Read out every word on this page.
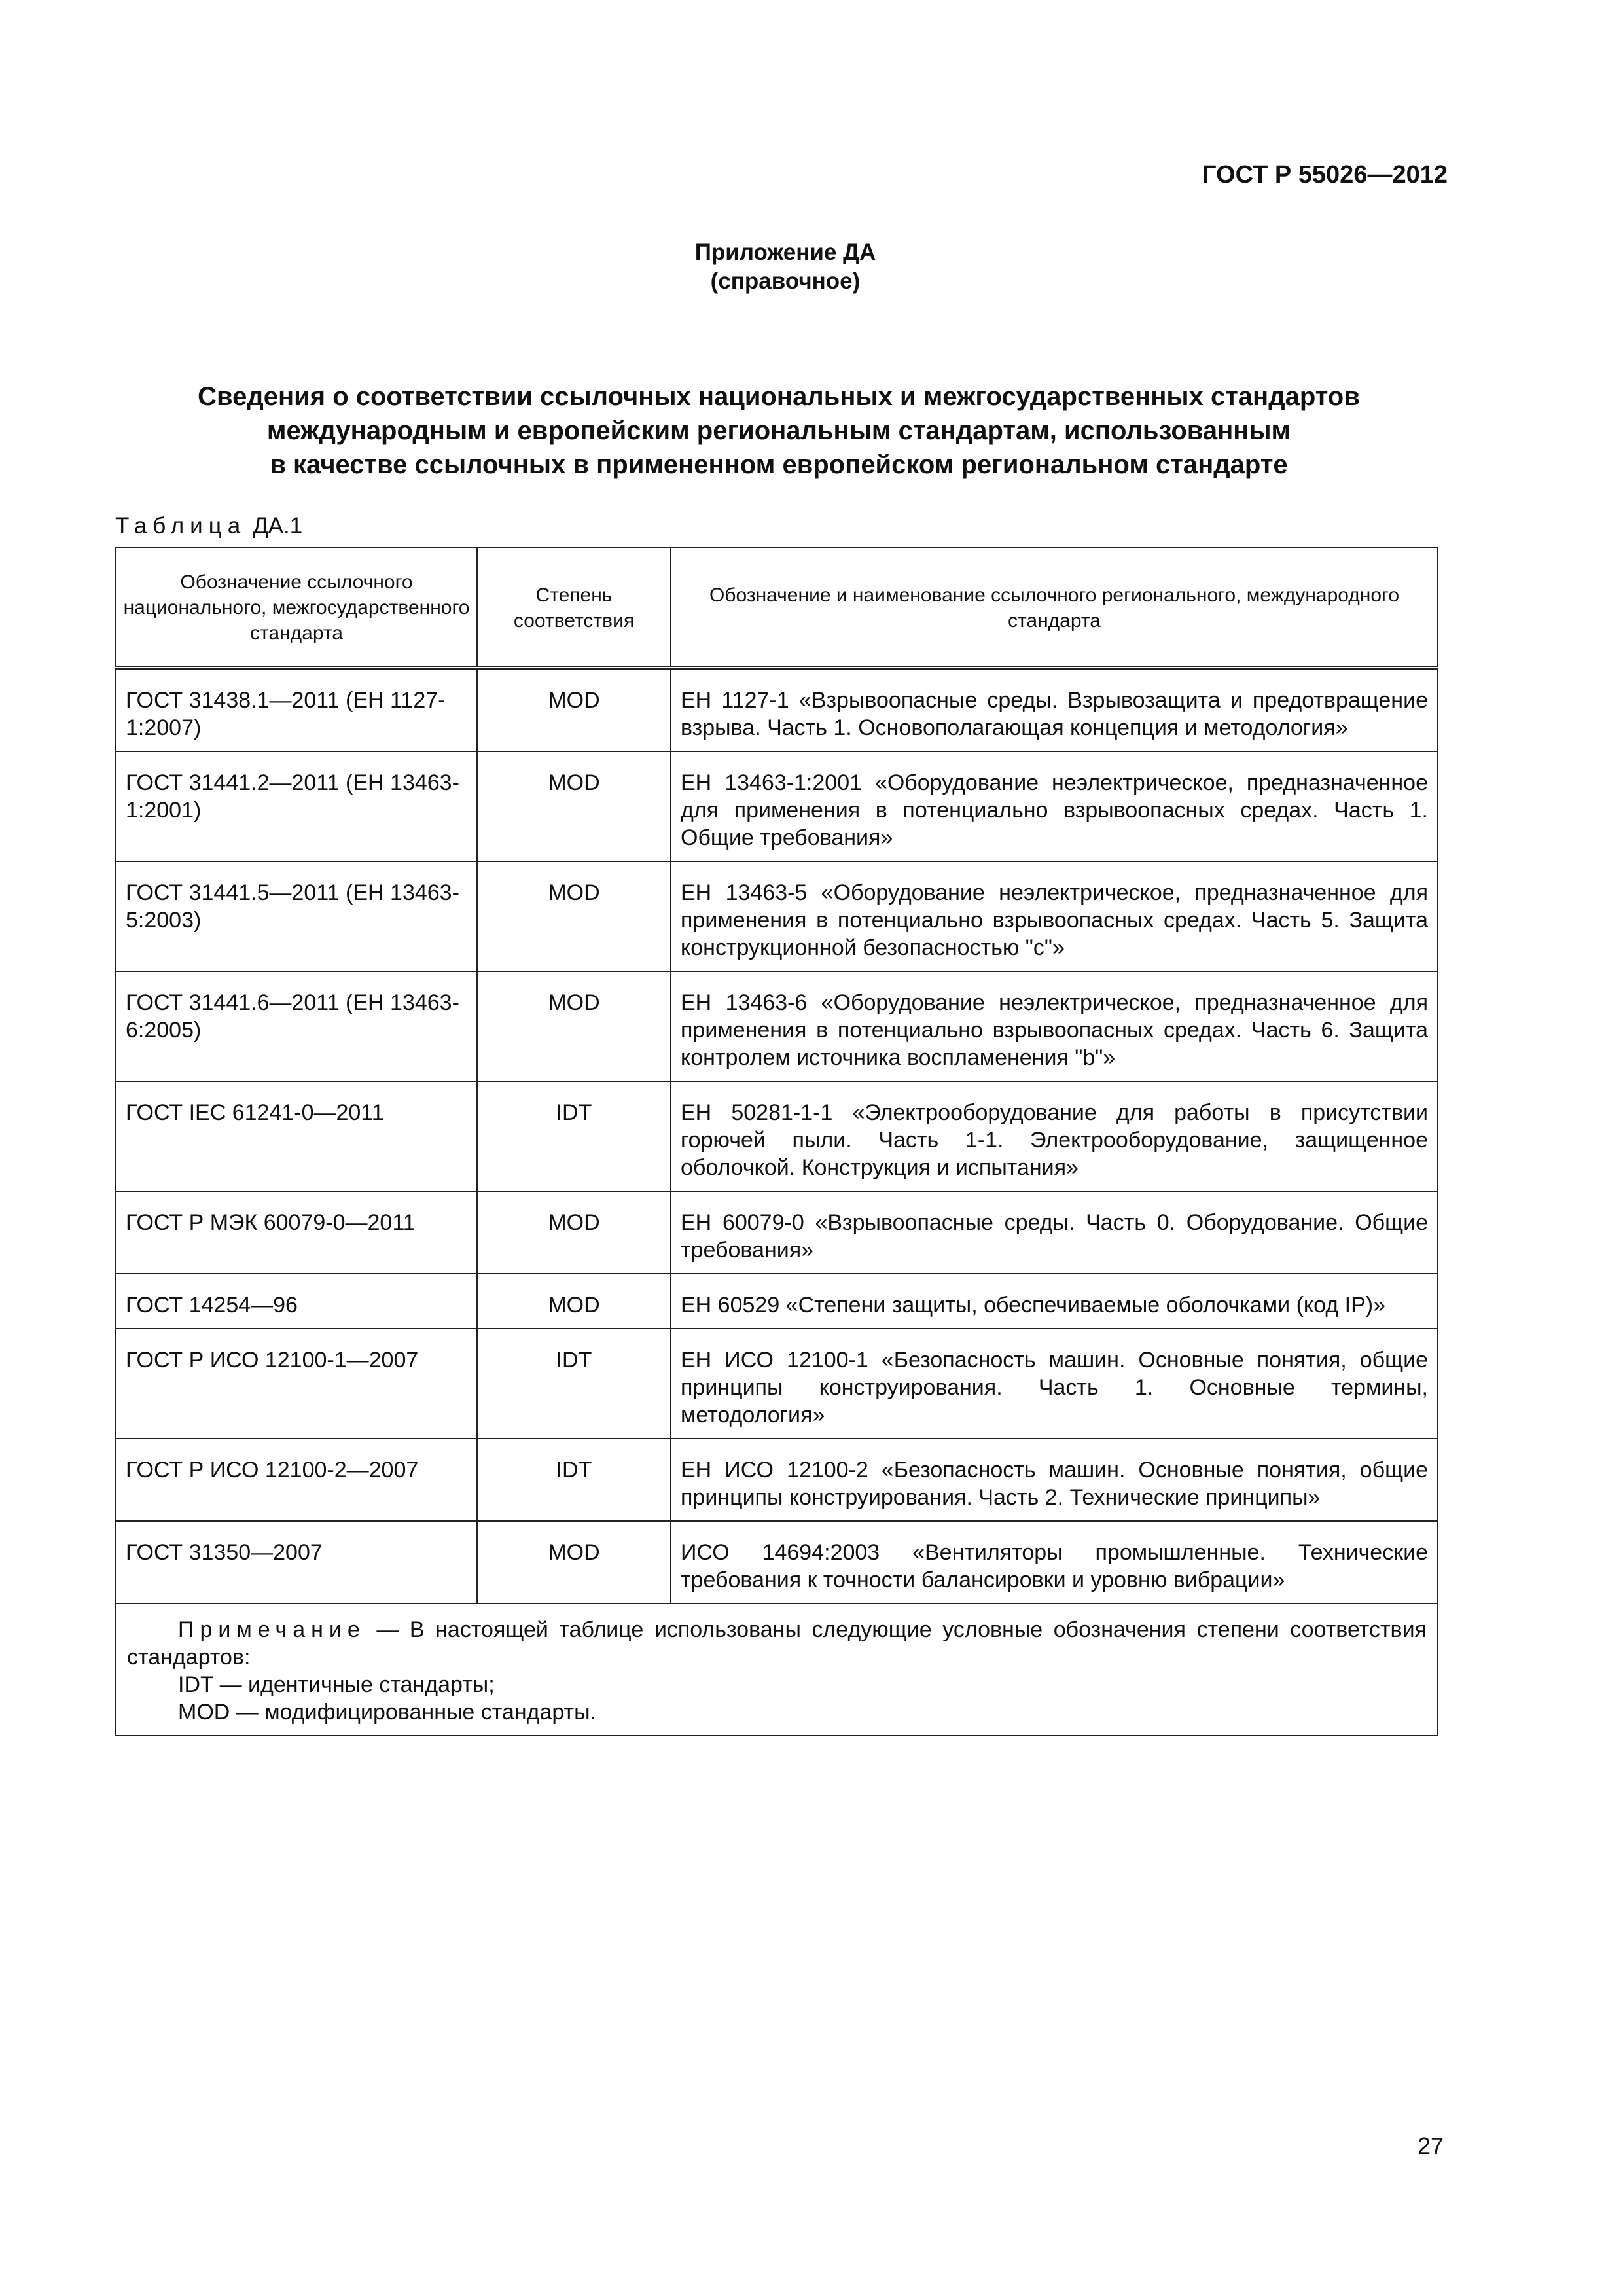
ГОСТ Р 55026—2012
Приложение ДА
(справочное)
Сведения о соответствии ссылочных национальных и межгосударственных стандартов
международным и европейским региональным стандартам, использованным
в качестве ссылочных в примененном европейском региональном стандарте
Таблица ДА.1
Обозначение ссылочного национального, межгосударственного стандарта	Степень соответствия	Обозначение и наименование ссылочного регионального, международного стандарта
ГОСТ 31438.1—2011 (ЕН 1127-1:2007)	MOD	ЕН 1127-1 «Взрывоопасные среды. Взрывозащита и предотвращение взрыва. Часть 1. Основополагающая концепция и методология»
ГОСТ 31441.2—2011 (ЕН 13463-1:2001)	MOD	ЕН 13463-1:2001 «Оборудование неэлектрическое, предназначенное для применения в потенциально взрывоопасных средах. Часть 1. Общие требования»
ГОСТ 31441.5—2011 (ЕН 13463-5:2003)	MOD	ЕН 13463-5 «Оборудование неэлектрическое, предназначенное для применения в потенциально взрывоопасных средах. Часть 5. Защита конструкционной безопасностью "с"»
ГОСТ 31441.6—2011 (ЕН 13463-6:2005)	MOD	ЕН 13463-6 «Оборудование неэлектрическое, предназначенное для применения в потенциально взрывоопасных средах. Часть 6. Защита контролем источника воспламенения "b"»
ГОСТ IEC 61241-0—2011	IDT	ЕН 50281-1-1 «Электрооборудование для работы в присутствии горючей пыли. Часть 1-1. Электрооборудование, защищенное оболочкой. Конструкция и испытания»
ГОСТ Р МЭК 60079-0—2011	MOD	ЕН 60079-0 «Взрывоопасные среды. Часть 0. Оборудование. Общие требования»
ГОСТ 14254—96	MOD	ЕН 60529 «Степени защиты, обеспечиваемые оболочками (код IP)»
ГОСТ Р ИСО 12100-1—2007	IDT	ЕН ИСО 12100-1 «Безопасность машин. Основные понятия, общие принципы конструирования. Часть 1. Основные термины, методология»
ГОСТ Р ИСО 12100-2—2007	IDT	ЕН ИСО 12100-2 «Безопасность машин. Основные понятия, общие принципы конструирования. Часть 2. Технические принципы»
ГОСТ 31350—2007	MOD	ИСО 14694:2003 «Вентиляторы промышленные. Технические требования к точности балансировки и уровню вибрации»

Примечание — В настоящей таблице использованы следующие условные обозначения степени соответствия стандартов:

IDT — идентичные стандарты;

MOD — модифицированные стандарты.		

27
